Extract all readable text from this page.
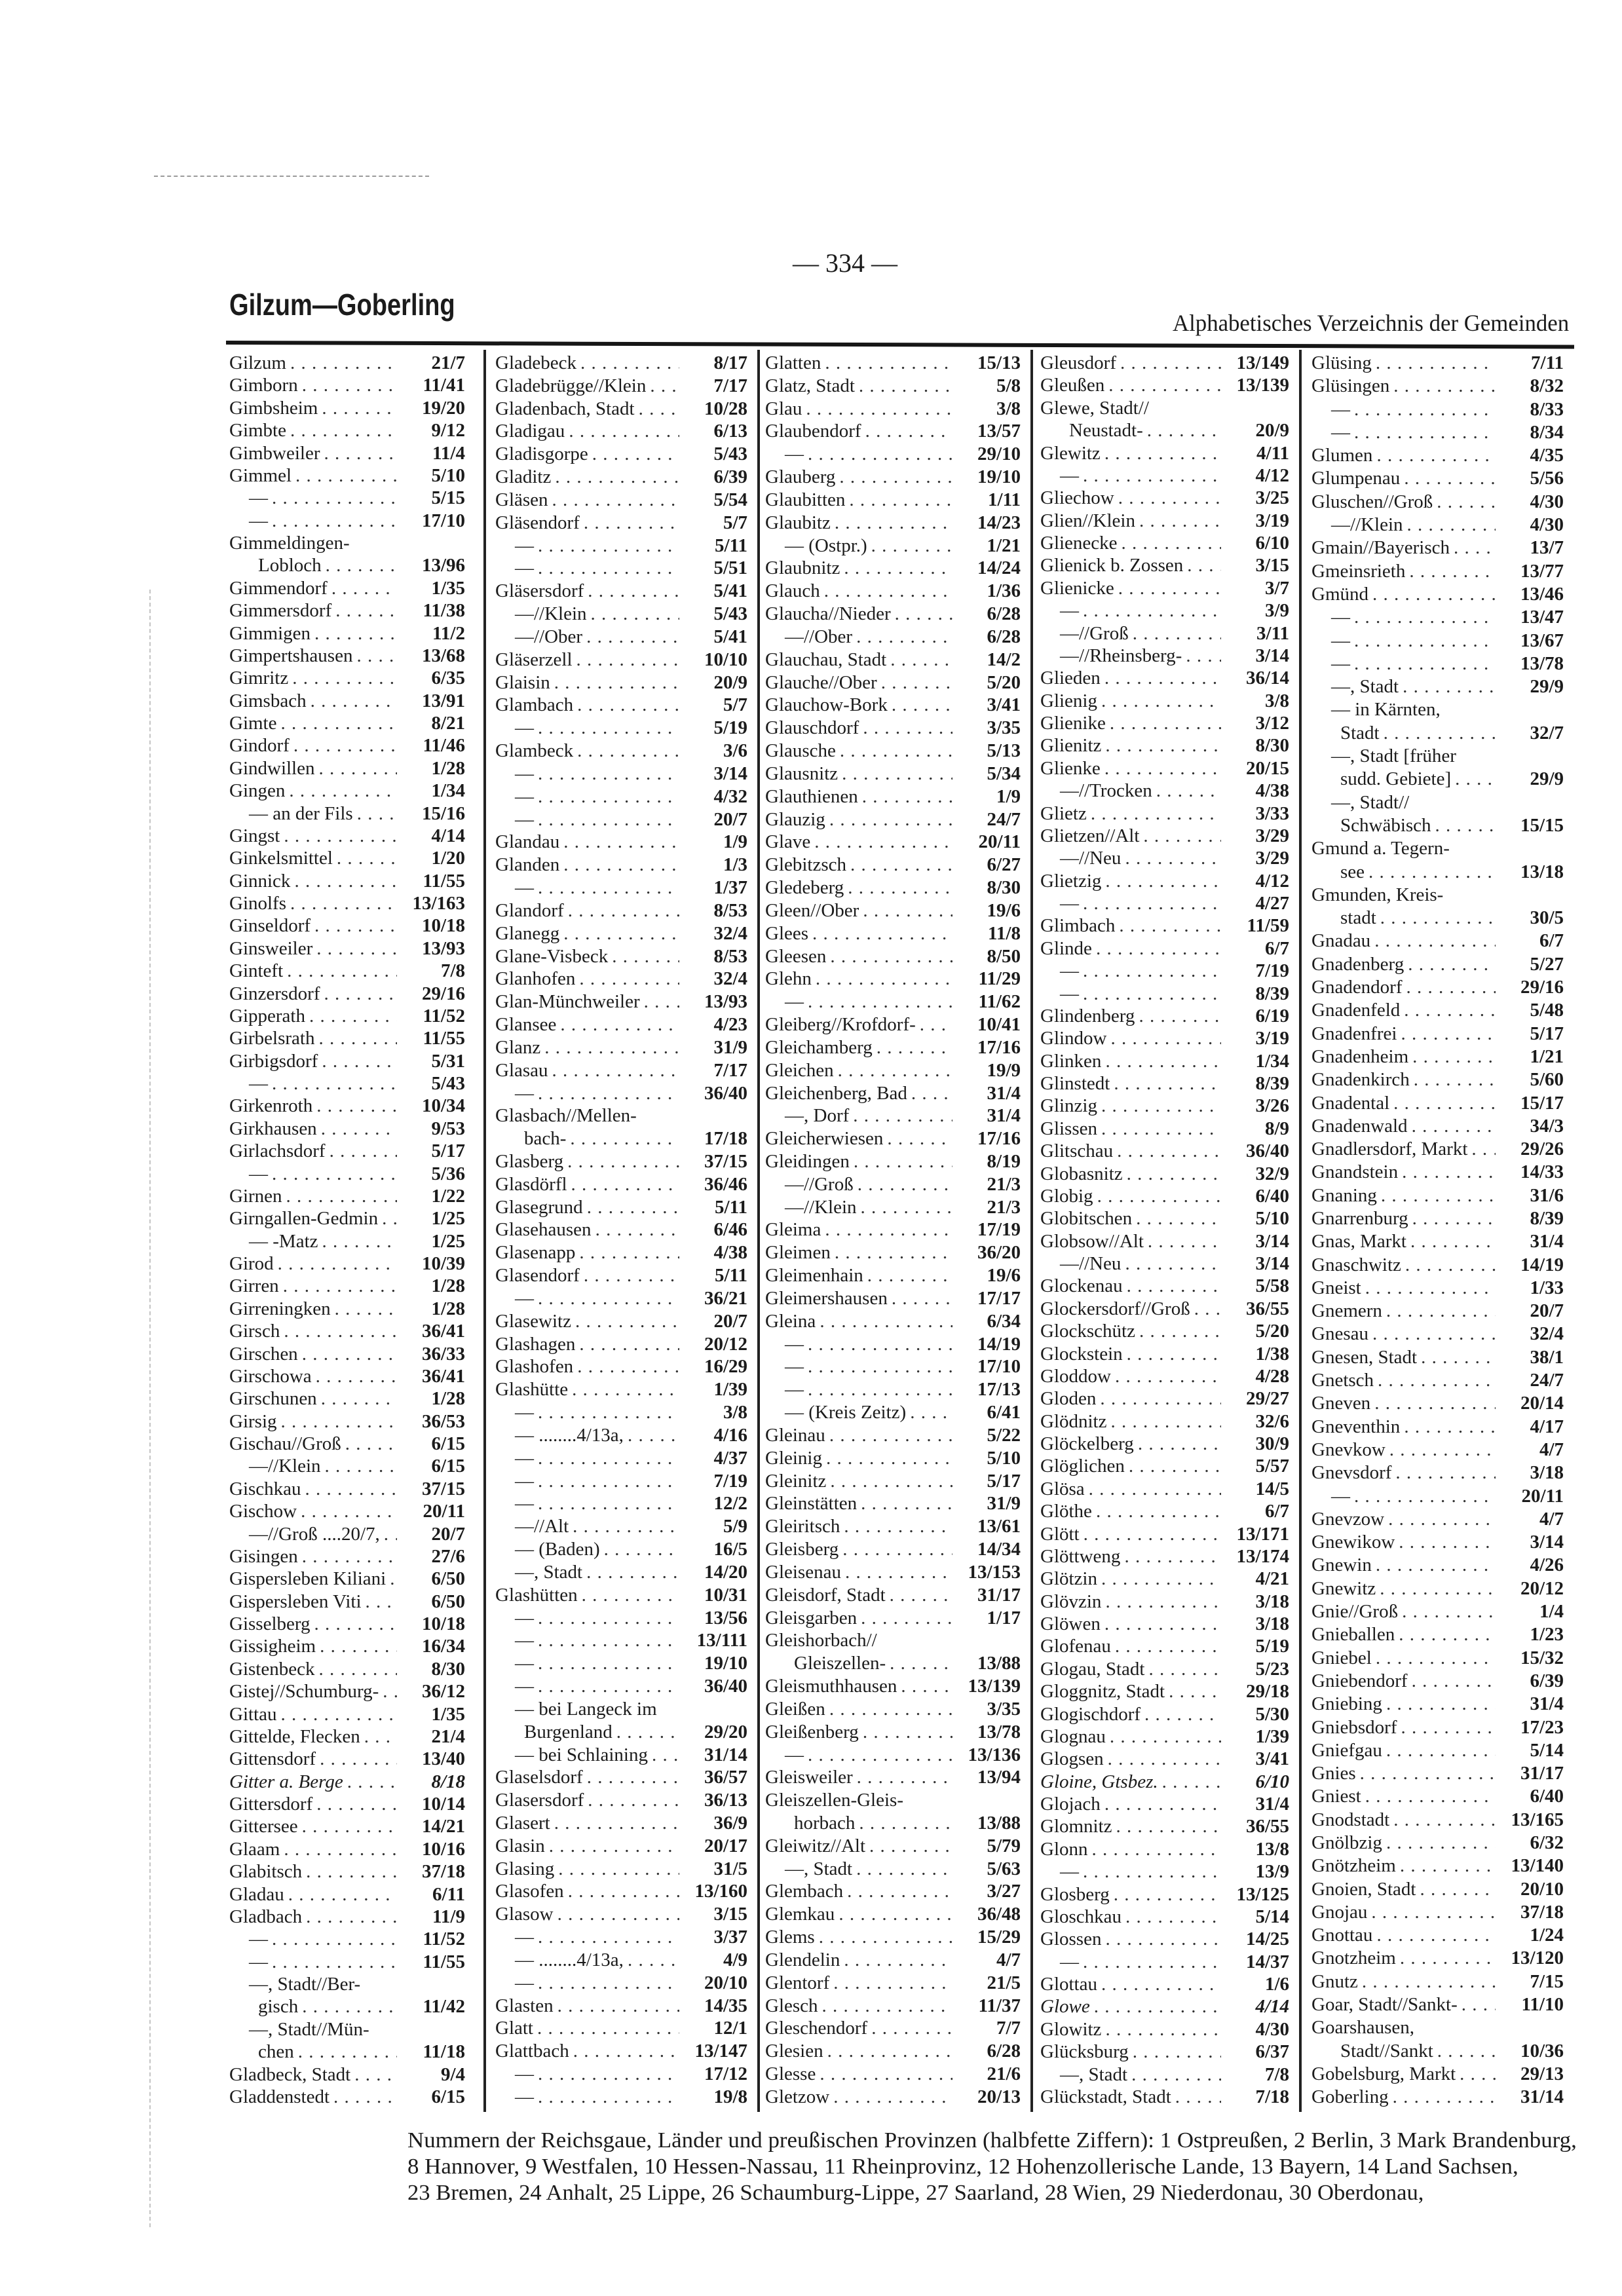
— 334 —
Gilzum—Goberling
Alphabetisches Verzeichnis der Gemeinden
Gilzum . . .	21/7
Gimborn . . .	11/41
Gimbsheim . . .	19/20
Gimbte . . .	9/12
Gimbweiler . . .	11/4
Gimmel . . .	5/10
— . . .	5/15
— . . .	17/10
Gimmeldingen-
Lobloch . . .	13/96
Gimmendorf . . .	1/35
Gimmersdorf . . .	11/38
Gimmigen . . .	11/2
Gimpertshausen . . .	13/68
Gimritz . . .	6/35
Gimsbach . . .	13/91
Gimte . . .	8/21
Gindorf . . .	11/46
Gindwillen . . .	1/28
Gingen . . .	1/34
— an der Fils . . .	15/16
Gingst . . .	4/14
Ginkelsmittel . . .	1/20
Ginnick . . .	11/55
Ginolfs . . .	13/163
Ginseldorf . . .	10/18
Ginsweiler . . .	13/93
Ginteft . . .	7/8
Ginzersdorf . . .	29/16
Gipperath . . .	11/52
Girbelsrath . . .	11/55
Girbigsdorf . . .	5/31
— . . .	5/43
Girkenroth . . .	10/34
Girkhausen . . .	9/53
Girlachsdorf . . .	5/17
— . . .	5/36
Girnen . . .	1/22
Girngallen-Gedmin . . .	1/25
— -Matz . . .	1/25
Girod . . .	10/39
Girren . . .	1/28
Girreningken . . .	1/28
Girsch . . .	36/41
Girschen . . .	36/33
Girschowa . . .	36/41
Girschunen . . .	1/28
Girsig . . .	36/53
Gischau//Groß . . .	6/15
—//Klein . . .	6/15
Gischkau . . .	37/15
Gischow . . .	20/11
—//Groß ....20/7, . . .	20/7
Gisingen . . .	27/6
Gispersleben Kiliani . . .	6/50
Gispersleben Viti . . .	6/50
Gisselberg . . .	10/18
Gissigheim . . .	16/34
Gistenbeck . . .	8/30
Gistej//Schumburg- . . .	36/12
Gittau . . .	1/35
Gittelde, Flecken . . .	21/4
Gittensdorf . . .	13/40
Gitter a. Berge . . .	8/18
Gittersdorf . . .	10/14
Gittersee . . .	14/21
Glaam . . .	10/16
Glabitsch . . .	37/18
Gladau . . .	6/11
Gladbach . . .	11/9
— . . .	11/52
— . . .	11/55
—, Stadt//Ber-
gisch . . .	11/42
—, Stadt//Mün-
chen . . .	11/18
Gladbeck, Stadt . . .	9/4
Gladdenstedt . . .	6/15
Gladebeck . . .	8/17
Gladebrügge//Klein . . .	7/17
Gladenbach, Stadt . . .	10/28
Gladigau . . .	6/13
Gladisgorpe . . .	5/43
Gladitz . . .	6/39
Gläsen . . .	5/54
Gläsendorf . . .	5/7
— . . .	5/11
— . . .	5/51
Gläsersdorf . . .	5/41
—//Klein . . .	5/43
—//Ober . . .	5/41
Gläserzell . . .	10/10
Glaisin . . .	20/9
Glambach . . .	5/7
— . . .	5/19
Glambeck . . .	3/6
— . . .	3/14
— . . .	4/32
— . . .	20/7
Glandau . . .	1/9
Glanden . . .	1/3
— . . .	1/37
Glandorf . . .	8/53
Glanegg . . .	32/4
Glane-Visbeck . . .	8/53
Glanhofen . . .	32/4
Glan-Münchweiler . . .	13/93
Glansee . . .	4/23
Glanz . . .	31/9
Glasau . . .	7/17
— . . .	36/40
Glasbach//Mellen-
bach- . . .	17/18
Glasberg . . .	37/15
Glasdörfl . . .	36/46
Glasegrund . . .	5/11
Glasehausen . . .	6/46
Glasenapp . . .	4/38
Glasendorf . . .	5/11
— . . .	36/21
Glasewitz . . .	20/7
Glashagen . . .	20/12
Glashofen . . .	16/29
Glashütte . . .	1/39
— . . .	3/8
— ........4/13a, . . .	4/16
— . . .	4/37
— . . .	7/19
— . . .	12/2
—//Alt . . .	5/9
— (Baden) . . .	16/5
—, Stadt . . .	14/20
Glashütten . . .	10/31
— . . .	13/56
— . . .	13/111
— . . .	19/10
— . . .	36/40
— bei Langeck im
Burgenland . . .	29/20
— bei Schlaining . . .	31/14
Glaselsdorf . . .	36/57
Glasersdorf . . .	36/13
Glasert . . .	36/9
Glasin . . .	20/17
Glasing . . .	31/5
Glasofen . . .	13/160
Glasow . . .	3/15
— . . .	3/37
— ........4/13a, . . .	4/9
— . . .	20/10
Glasten . . .	14/35
Glatt . . .	12/1
Glattbach . . .	13/147
— . . .	17/12
— . . .	19/8
Glatten . . .	15/13
Glatz, Stadt . . .	5/8
Glau . . .	3/8
Glaubendorf . . .	13/57
— . . .	29/10
Glauberg . . .	19/10
Glaubitten . . .	1/11
Glaubitz . . .	14/23
— (Ostpr.) . . .	1/21
Glaubnitz . . .	14/24
Glauch . . .	1/36
Glaucha//Nieder . . .	6/28
—//Ober . . .	6/28
Glauchau, Stadt . . .	14/2
Glauche//Ober . . .	5/20
Glauchow-Bork . . .	3/41
Glauschdorf . . .	3/35
Glausche . . .	5/13
Glausnitz . . .	5/34
Glauthienen . . .	1/9
Glauzig . . .	24/7
Glave . . .	20/11
Glebitzsch . . .	6/27
Gledeberg . . .	8/30
Gleen//Ober . . .	19/6
Glees . . .	11/8
Gleesen . . .	8/50
Glehn . . .	11/29
— . . .	11/62
Gleiberg//Krofdorf- . . .	10/41
Gleichamberg . . .	17/16
Gleichen . . .	19/9
Gleichenberg, Bad . . .	31/4
—, Dorf . . .	31/4
Gleicherwiesen . . .	17/16
Gleidingen . . .	8/19
—//Groß . . .	21/3
—//Klein . . .	21/3
Gleima . . .	17/19
Gleimen . . .	36/20
Gleimenhain . . .	19/6
Gleimershausen . . .	17/17
Gleina . . .	6/34
— . . .	14/19
— . . .	17/10
— . . .	17/13
— (Kreis Zeitz) . . .	6/41
Gleinau . . .	5/22
Gleinig . . .	5/10
Gleinitz . . .	5/17
Gleinstätten . . .	31/9
Gleiritsch . . .	13/61
Gleisberg . . .	14/34
Gleisenau . . .	13/153
Gleisdorf, Stadt . . .	31/17
Gleisgarben . . .	1/17
Gleishorbach//
Gleiszellen- . . .	13/88
Gleismuthhausen . . .	13/139
Gleißen . . .	3/35
Gleißenberg . . .	13/78
— . . .	13/136
Gleisweiler . . .	13/94
Gleiszellen-Gleis-
horbach . . .	13/88
Gleiwitz//Alt . . .	5/79
—, Stadt . . .	5/63
Glembach . . .	3/27
Glemkau . . .	36/48
Glems . . .	15/29
Glendelin . . .	4/7
Glentorf . . .	21/5
Glesch . . .	11/37
Gleschendorf . . .	7/7
Glesien . . .	6/28
Glesse . . .	21/6
Gletzow . . .	20/13
Gleusdorf . . .	13/149
Gleußen . . .	13/139
Glewe, Stadt//
Neustadt- . . .	20/9
Glewitz . . .	4/11
— . . .	4/12
Gliechow . . .	3/25
Glien//Klein . . .	3/19
Glienecke . . .	6/10
Glienick b. Zossen . . .	3/15
Glienicke . . .	3/7
— . . .	3/9
—//Groß . . .	3/11
—//Rheinsberg- . . .	3/14
Glieden . . .	36/14
Glienig . . .	3/8
Glienike . . .	3/12
Glienitz . . .	8/30
Glienke . . .	20/15
—//Trocken . . .	4/38
Glietz . . .	3/33
Glietzen//Alt . . .	3/29
—//Neu . . .	3/29
Glietzig . . .	4/12
— . . .	4/27
Glimbach . . .	11/59
Glinde . . .	6/7
— . . .	7/19
— . . .	8/39
Glindenberg . . .	6/19
Glindow . . .	3/19
Glinken . . .	1/34
Glinstedt . . .	8/39
Glinzig . . .	3/26
Glissen . . .	8/9
Glitschau . . .	36/40
Globasnitz . . .	32/9
Globig . . .	6/40
Globitschen . . .	5/10
Globsow//Alt . . .	3/14
—//Neu . . .	3/14
Glockenau . . .	5/58
Glockersdorf//Groß . . .	36/55
Glockschütz . . .	5/20
Glockstein . . .	1/38
Gloddow . . .	4/28
Gloden . . .	29/27
Glödnitz . . .	32/6
Glöckelberg . . .	30/9
Glöglichen . . .	5/57
Glösa . . .	14/5
Glöthe . . .	6/7
Glött . . .	13/171
Glöttweng . . .	13/174
Glötzin . . .	4/21
Glövzin . . .	3/18
Glöwen . . .	3/18
Glofenau . . .	5/19
Glogau, Stadt . . .	5/23
Gloggnitz, Stadt . . .	29/18
Glogischdorf . . .	5/30
Glognau . . .	1/39
Glogsen . . .	3/41
Gloine, Gtsbez. . . .	6/10
Glojach . . .	31/4
Glomnitz . . .	36/55
Glonn . . .	13/8
— . . .	13/9
Glosberg . . .	13/125
Gloschkau . . .	5/14
Glossen . . .	14/25
— . . .	14/37
Glottau . . .	1/6
Glowe . . .	4/14
Glowitz . . .	4/30
Glücksburg . . .	6/37
—, Stadt . . .	7/8
Glückstadt, Stadt . . .	7/18
Glüsing . . .	7/11
Glüsingen . . .	8/32
— . . .	8/33
— . . .	8/34
Glumen . . .	4/35
Glumpenau . . .	5/56
Gluschen//Groß . . .	4/30
—//Klein . . .	4/30
Gmain//Bayerisch . . .	13/7
Gmeinsrieth . . .	13/77
Gmünd . . .	13/46
— . . .	13/47
— . . .	13/67
— . . .	13/78
—, Stadt . . .	29/9
— in Kärnten,
Stadt . . .	32/7
—, Stadt [früher
sudd. Gebiete] . . .	29/9
—, Stadt//
Schwäbisch . . .	15/15
Gmund a. Tegern-
see . . .	13/18
Gmunden, Kreis-
stadt . . .	30/5
Gnadau . . .	6/7
Gnadenberg . . .	5/27
Gnadendorf . . .	29/16
Gnadenfeld . . .	5/48
Gnadenfrei . . .	5/17
Gnadenheim . . .	1/21
Gnadenkirch . . .	5/60
Gnadental . . .	15/17
Gnadenwald . . .	34/3
Gnadlersdorf, Markt . . .	29/26
Gnandstein . . .	14/33
Gnaning . . .	31/6
Gnarrenburg . . .	8/39
Gnas, Markt . . .	31/4
Gnaschwitz . . .	14/19
Gneist . . .	1/33
Gnemern . . .	20/7
Gnesau . . .	32/4
Gnesen, Stadt . . .	38/1
Gnetsch . . .	24/7
Gneven . . .	20/14
Gneventhin . . .	4/17
Gnevkow . . .	4/7
Gnevsdorf . . .	3/18
— . . .	20/11
Gnevzow . . .	4/7
Gnewikow . . .	3/14
Gnewin . . .	4/26
Gnewitz . . .	20/12
Gnie//Groß . . .	1/4
Gnieballen . . .	1/23
Gniebel . . .	15/32
Gniebendorf . . .	6/39
Gniebing . . .	31/4
Gniebsdorf . . .	17/23
Gniefgau . . .	5/14
Gnies . . .	31/17
Gniest . . .	6/40
Gnodstadt . . .	13/165
Gnölbzig . . .	6/32
Gnötzheim . . .	13/140
Gnoien, Stadt . . .	20/10
Gnojau . . .	37/18
Gnottau . . .	1/24
Gnotzheim . . .	13/120
Gnutz . . .	7/15
Goar, Stadt//Sankt- . . .	11/10
Goarshausen,
Stadt//Sankt . . .	10/36
Gobelsburg, Markt . . .	29/13
Goberling . . .	31/14
Nummern der Reichsgaue, Länder und preußischen Provinzen (halbfette Ziffern): 1 Ostpreußen, 2 Berlin, 3 Mark Brandenburg,
8 Hannover, 9 Westfalen, 10 Hessen-Nassau, 11 Rheinprovinz, 12 Hohenzollerische Lande, 13 Bayern, 14 Land Sachsen,
23 Bremen, 24 Anhalt, 25 Lippe, 26 Schaumburg-Lippe, 27 Saarland, 28 Wien, 29 Niederdonau, 30 Oberdonau,
